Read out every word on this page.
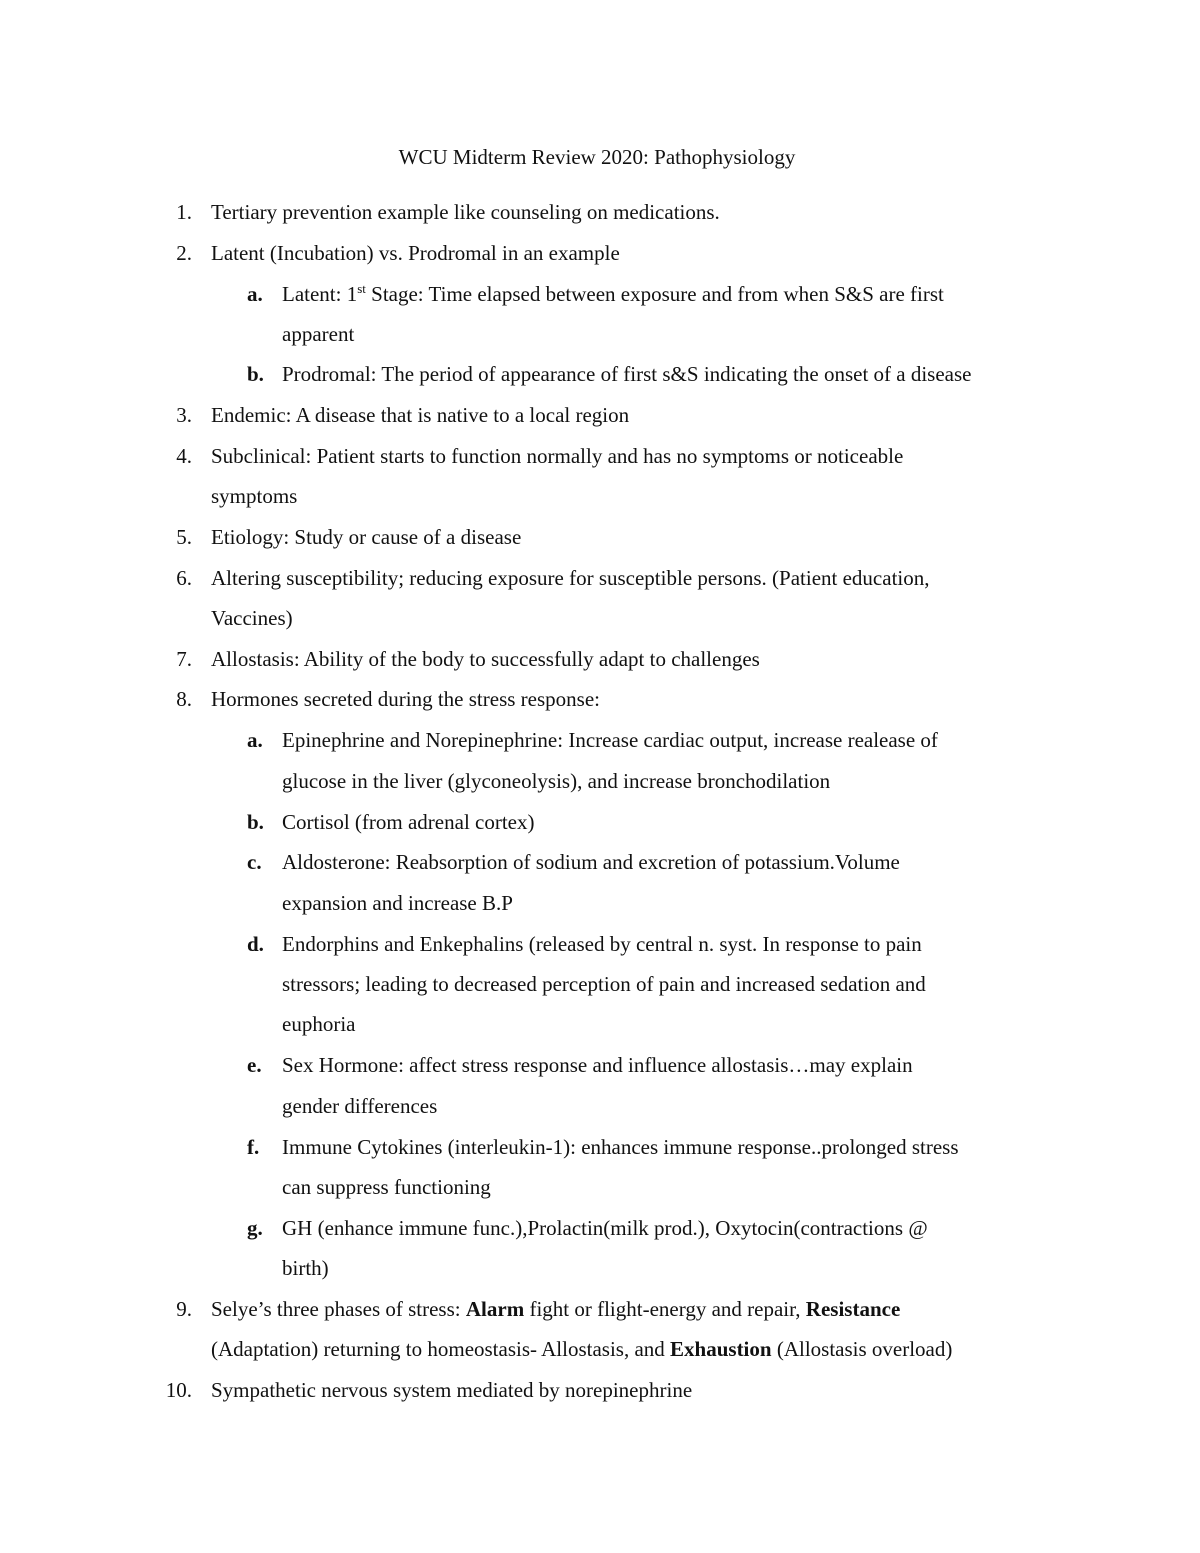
WCU Midterm Review 2020: Pathophysiology
1. Tertiary prevention example like counseling on medications.
2. Latent (Incubation) vs. Prodromal in an example
a. Latent: 1st Stage: Time elapsed between exposure and from when S&S are first
apparent
b. Prodromal: The period of appearance of first s&S indicating the onset of a disease
3. Endemic: A disease that is native to a local region
4. Subclinical: Patient starts to function normally and has no symptoms or noticeable
symptoms
5. Etiology: Study or cause of a disease
6. Altering susceptibility; reducing exposure for susceptible persons. (Patient education,
Vaccines)
7. Allostasis: Ability of the body to successfully adapt to challenges
8. Hormones secreted during the stress response:
a. Epinephrine and Norepinephrine: Increase cardiac output, increase realease of
glucose in the liver (glyconeolysis), and increase bronchodilation
b. Cortisol (from adrenal cortex)
c. Aldosterone: Reabsorption of sodium and excretion of potassium.Volume
expansion and increase B.P
d. Endorphins and Enkephalins (released by central n. syst. In response to pain
stressors; leading to decreased perception of pain and increased sedation and
euphoria
e. Sex Hormone: affect stress response and influence allostasis…may explain
gender differences
f. Immune Cytokines (interleukin-1): enhances immune response..prolonged stress
can suppress functioning
g. GH (enhance immune func.),Prolactin(milk prod.), Oxytocin(contractions @
birth)
9. Selye’s three phases of stress: Alarm fight or flight-energy and repair, Resistance
(Adaptation) returning to homeostasis- Allostasis, and Exhaustion (Allostasis overload)
10. Sympathetic nervous system mediated by norepinephrine
